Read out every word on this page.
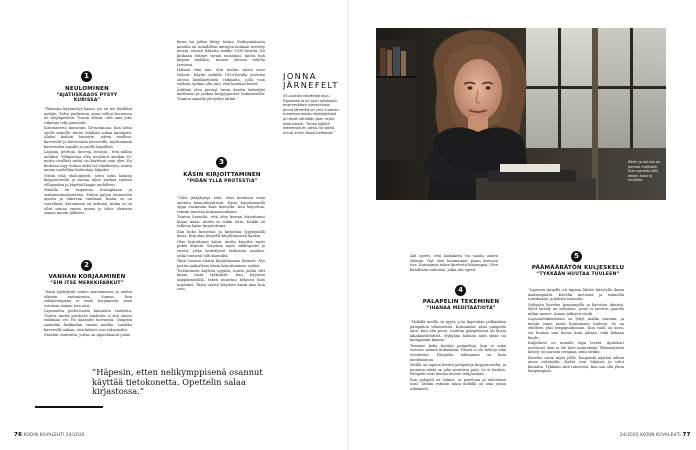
1
NEULOMINEN
“AJATUSKAAOS PYSYY KURISSA”

”Päässäni käynnistyy kaaos, jos en tee käsilläni mitään. Tuleo perheessä, jossa vellovi huonessa oli hityläpeeleiä. Tunsin silloin, että aina joka ruketaja teki puustöitä.

Kutomiseeta innostuin 14-vuotiaana, kun äitini opetti minulle, miten tehdään sukan kantapää. Alakoi kudoin harjoitte, sitten itselleni, kavereille ja kavereiden kavereille, myöhemmin kavereiden lapsille ja omille lapsilleni.

Lapasia, pelttoja, huiveja, tossuja... tein millon mitäkin. Villapaitoja olen neulonut ainakin 50, mutta itselläni niistä on käytössä vain yksi. En koskaan myy töitäni enkä tee tilauksesta, mutta annan mielelläni kudontaja lahjaksi.

Yritän elää ekologisesti, joten ostin lankoja kirpputoreilta ja saatan myös purkaa vanhan villapaidan ja käyttää langat uudelleen.

Minulla on taipumus tositaglaaan ja sentimentaalisuuteen. Puhun paljon menneistä ajoista ja takerrun vanhaan, koska se on turvallista. Kutominen on tärkeää, koska se on ollut samaa ennen minua ja tulee olemaan samaa minun jälkeeni.”

2
VANHAN KORJAAMINEN
“EIN ITSE MERKKIFARKUT”

”Saan tyydytystä uuden parsimisesta ja uuden elämän antamisesta. Suman, kun vähkävempänä ei enää korjaanteta vaan ostetaan saman tien uusi.

Lapsuuden perheessäni kuluneita vaatteita. Tuntui, mutta paritystä vaatteita ei sitä ennen vaikkaan ovi. Ne kaavaitti luovuutta. Ompelin saamilini farkkuihin omaan merkin. Laiskku kavereille saksin, että kekset ovat uiksemalta.

Säästän vaatteitta, joissa on tapaelmanat joiain

kivaa tai jotkin liittyy tarina. Esihtymäänava minulla on isoäidilleni mittojen mukaan teetetty musta, vinosti leikattu mekko 1930-luvulta. En koskaan ehtinyt tavata isoäitiäni, mutta kun käytän mekkoa, tunnen olevani todella tarvassa.

Halaan elää niin, että tiedän, mistä asiat tulevat. Käytin mökillä 1950-luvulla peräisin olevaa käsikäyttöistä vatkainta, jolla voin vatkata sydämi alta niin, että kuulaan hernä.

Äiditäni olen perinyt tavan kerätä tiskirättit kattilassa ja jaukaa korppujauhot hulmurreilla. Tunnen samalla yhteyden äitiini.”

3
KÄSIN KIRJOITTAMINEN
“PIDÄN YLLÄ PROTESTIA”

”Olen järkyttynyt siitä, ettei koulussa enää opeteta kaunokirjoitusta. Käsin kirjoittamalla oppii enemmän kuin koneella. Kun kirjoittaa, tekstin muistaa kokonaisuuksina.

Tuntuu hassulta, että olen kerran kirjoittanut kirjan käsin, mutta se onkin totta. Kaikki on tallessa käsin kirjoitettuna.

Kun koko kirjoittaa ja kirjoittaa lyijykynällä käsiä. Kirjoitan kirjeellä kirjoittamisen kautta.

Olen kirjoittanut käsin, mutta kirjoitin myös pitkiä kirjeitä. Kirjoitan myös sähköpostit ja viestit, jotka keskittyvät tärkeisiin asioihin, jotka tuntuvat silti kauniilta.

Tänä vuonna aloitin kirjoittamaan hitaasti. Nyt pistän paikoilleen käsin kirjoittamisen vuoksi.

Tietokoneen käyttöä oppitin, mutta pidän silti kiinni tästä tärkeästä. Kun kirjoitan näppäimistöllä, teksti muuttuu helposti liian nopeaksi. Tästä syystä kirjoitan käsin aina kun voin.

JONNA
JÄRNEFELT
55-vuotias näyttelijä asuu Espoossa ja on juuri julkaissut ensimmäisen romaaninsa. Jonna Järnefelt on yksi Suomen tunnetuimmista näyttelijöistä ja hänet nähdään pian myös elokuvassa. ”Ilman käsillä tekemistä en jaksa. Se pitää minut kiinni tässä hetkessä.”
”Häpesin, etten nelikymppisenä osannut käyttää tietokonetta. Opettelin salaa kirjastossa.”
76 KODIN KUVALEHTI 24/2020
Käsin ja kaunis on Jonnan mielestä ihan parasta Jäsi kesän kotona muistiin.

Äiti opetti, että lankakerä voi saada uuden elämän. Nyt olen huomannut pojan kutovan itse. Kutominen tekee kiireestä hitaampaa. Olen kiitollinen taidoista, jotka äiti opetti.

4
PALAPELIN TEKEMINEN
“IHANAA MEDITAATIOTA”

”Mökillä meillä on pyytä, jota käytetään pelkästään palapelien tekemiseen. Kokoamme siinä palapelia aina. Kun olin pieni, isoäitini palapeleissä oli kuvia aikakauslehdistä. Nykyään kokoan niitä yksin tai kumppanin kanssa.

Teemme koko kevään palapeleja, kun ei enää tarvitse mennä mihinkään. Niissä ei ole kelloja eikä tavoitteita. Palapelin tekeminen on kuin meditaatiota.

Meillä on tapana kerätä palapeleja kirpputoreilta, ja monissa niistä on joku puuttuva pala. Se ei haittaa. Palapelit ovat kaunis muisto tekijöistään.

Kun palapeli on valmis, se puretaan ja aloitetaan uusi. Tämän rutiinin takia mökillä on aina jotain tekemistä.

5
PÄÄMÄÄRÄTÖN KULJESKELU
“TYKKÄÄN HUUTAA TUULEEN”

”Lapsena minulla oli tapana lähteä kävelylle ilman määränpäätä. Kävelin metsissä ja rannoilla tuntikausia ja keksin tarinoita.

Nykyään kävelen kaupungilla ja katselen ihmisiä. Hyvä kävely on sellainen, jossa ei tarvitse ajatella mihin menee. Annan jalkojen viedä.

Lapsuudenkodistani on lyhyt matka rantaan, ja menin sinne usein huutamaan tuuleen. Se on edelleen yksi lempipuuhistani. Kun tuuli on kova, voi huutaa niin kovaa kuin jaksaa, eikä kukaan kuule.

Kuljeskelu on minulle tapa levätä. Ajatukset asettuvat, kun ei ole kiire minnekään. Päämäärätön kävely on parasta terapiaa, mitä tiedän.

Kävelen usein myös yöllä. Kaupunki näyttää silloin aivan erilaiselta. Kadut ovat hiljaisia ja valot kauniita. Tykkään siitä tunteesta, kun saa olla yksin kaupungissa.

24/2020 KODIN KUVALEHTI 77
